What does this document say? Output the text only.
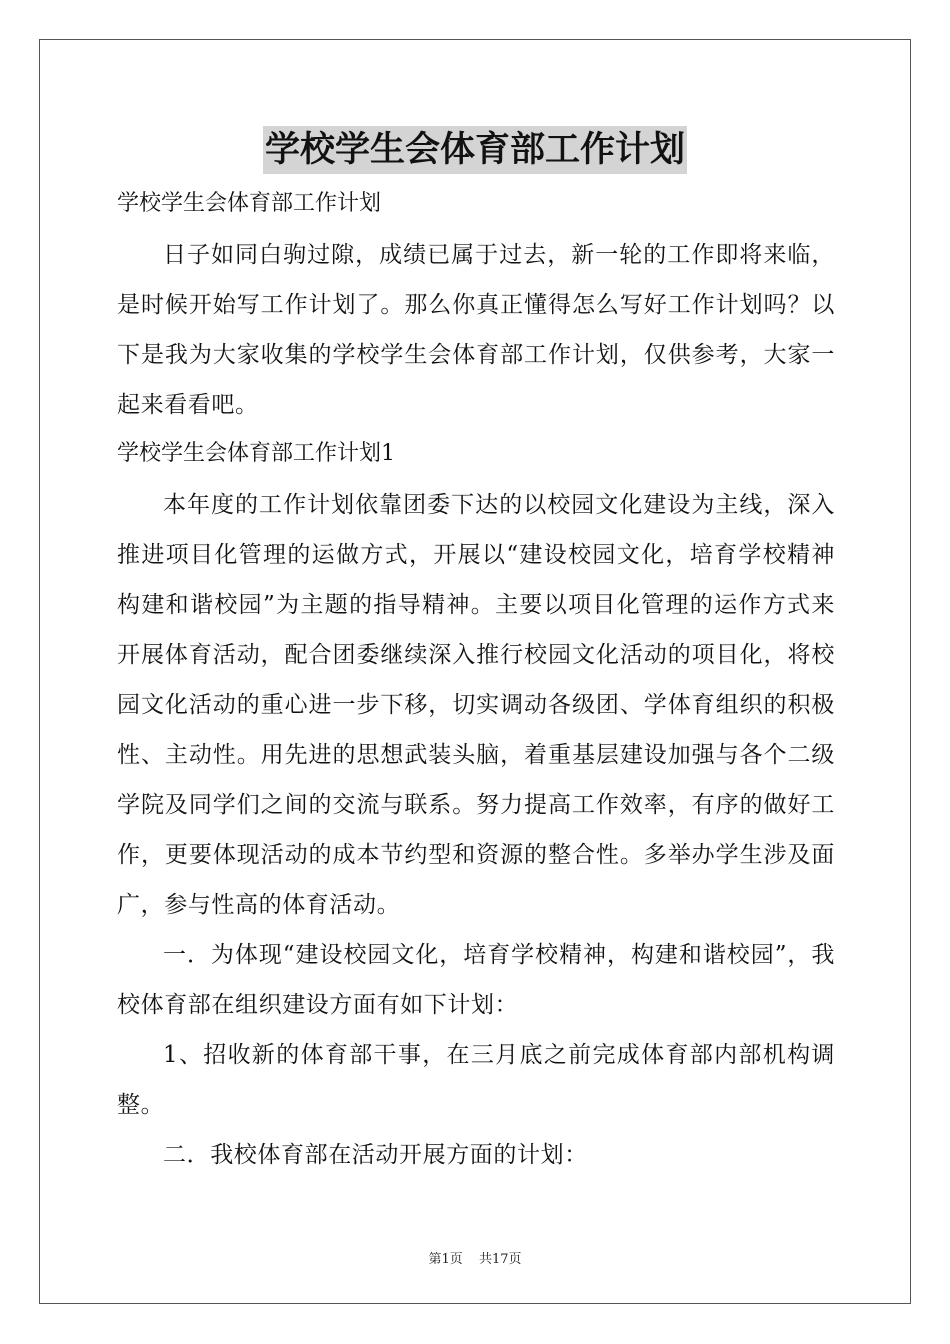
学校学生会体育部工作计划

学校学生会体育部工作计划

日子如同白驹过隙，成绩已属于过去，新一轮的工作即将来临，是时候开始写工作计划了。那么你真正懂得怎么写好工作计划吗？以下是我为大家收集的学校学生会体育部工作计划，仅供参考，大家一起来看看吧。

学校学生会体育部工作计划1

本年度的工作计划依靠团委下达的以校园文化建设为主线，深入推进项目化管理的运做方式，开展以“建设校园文化，培育学校精神构建和谐校园”为主题的指导精神。主要以项目化管理的运作方式来开展体育活动，配合团委继续深入推行校园文化活动的项目化，将校园文化活动的重心进一步下移，切实调动各级团、学体育组织的积极性、主动性。用先进的思想武装头脑，着重基层建设加强与各个二级学院及同学们之间的交流与联系。努力提高工作效率，有序的做好工作，更要体现活动的成本节约型和资源的整合性。多举办学生涉及面广，参与性高的体育活动。

一．为体现“建设校园文化，培育学校精神，构建和谐校园”，我校体育部在组织建设方面有如下计划：

1、招收新的体育部干事，在三月底之前完成体育部内部机构调整。

二．我校体育部在活动开展方面的计划：

第1页 共17页
